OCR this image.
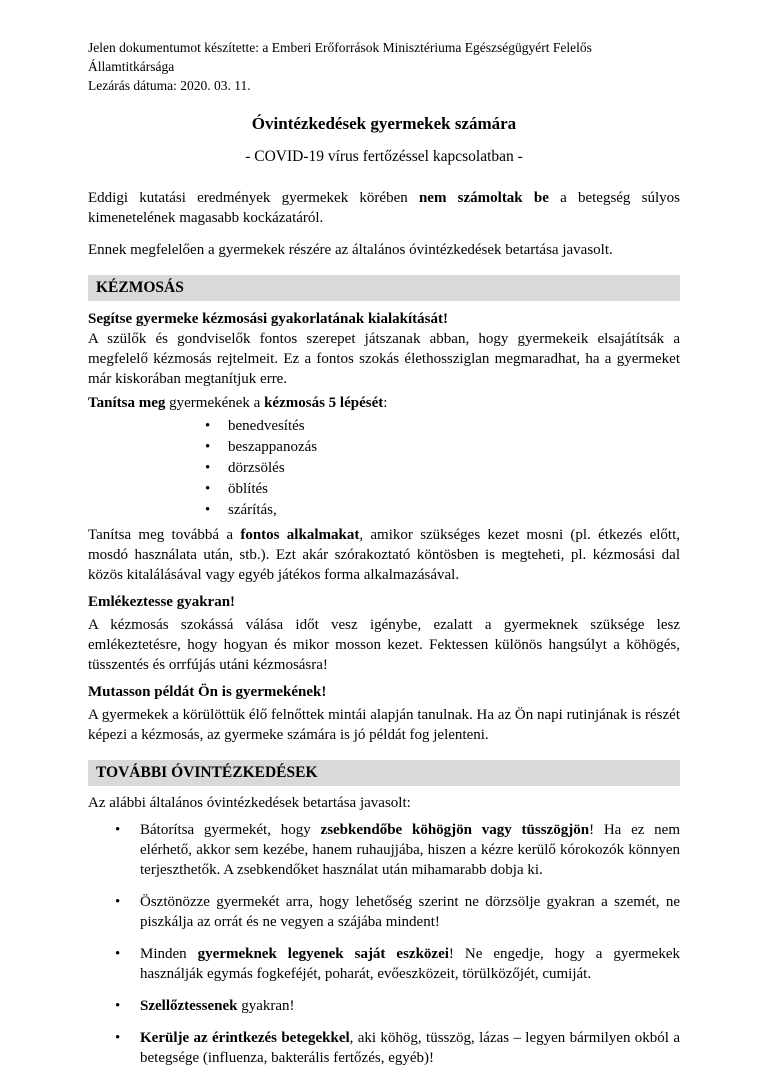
Jelen dokumentumot készítette: a Emberi Erőforrások Minisztériuma Egészségügyért Felelős Államtitkársága
Lezárás dátuma: 2020. 03. 11.
Óvintézkedések gyermekek számára
- COVID-19 vírus fertőzéssel kapcsolatban -

Eddigi kutatási eredmények gyermekek körében nem számoltak be a betegség súlyos kimenetelének magasabb kockázatáról.

Ennek megfelelően a gyermekek részére az általános óvintézkedések betartása javasolt.

KÉZMOSÁS

Segítse gyermeke kézmosási gyakorlatának kialakítását!

A szülők és gondviselők fontos szerepet játszanak abban, hogy gyermekeik elsajátítsák a megfelelő kézmosás rejtelmeit. Ez a fontos szokás élethossziglan megmaradhat, ha a gyermeket már kiskorában megtanítjuk erre.

Tanítsa meg gyermekének a kézmosás 5 lépését:

• benedvesítés
• beszappanozás
• dörzsölés
• öblítés
• szárítás,

Tanítsa meg továbbá a fontos alkalmakat, amikor szükséges kezet mosni (pl. étkezés előtt, mosdó használata után, stb.). Ezt akár szórakoztató köntösben is megteheti, pl. kézmosási dal közös kitalálásával vagy egyéb játékos forma alkalmazásával.

Emlékeztesse gyakran!

A kézmosás szokássá válása időt vesz igénybe, ezalatt a gyermeknek szüksége lesz emlékeztetésre, hogy hogyan és mikor mosson kezet. Fektessen különös hangsúlyt a köhögés, tüsszentés és orrfújás utáni kézmosásra!

Mutasson példát Ön is gyermekének!

A gyermekek a körülöttük élő felnőttek mintái alapján tanulnak. Ha az Ön napi rutinjának is részét képezi a kézmosás, az gyermeke számára is jó példát fog jelenteni.

TOVÁBBI ÓVINTÉZKEDÉSEK

Az alábbi általános óvintézkedések betartása javasolt:

• Bátorítsa gyermekét, hogy zsebkendőbe köhögjön vagy tüsszögjön! Ha ez nem elérhető, akkor sem kezébe, hanem ruhaujjába, hiszen a kézre kerülő kórokozók könnyen terjeszthetők. A zsebkendőket használat után mihamarabb dobja ki.
• Ösztönözze gyermekét arra, hogy lehetőség szerint ne dörzsölje gyakran a szemét, ne piszkálja az orrát és ne vegyen a szájába mindent!
• Minden gyermeknek legyenek saját eszközei! Ne engedje, hogy a gyermekek használják egymás fogkeféjét, poharát, evőeszközeit, törülközőjét, cumiját.
• Szellőztessenek gyakran!
• Kerülje az érintkezés betegekkel, aki köhög, tüsszög, lázas – legyen bármilyen okból a betegsége (influenza, bakterális fertőzés, egyéb)!
